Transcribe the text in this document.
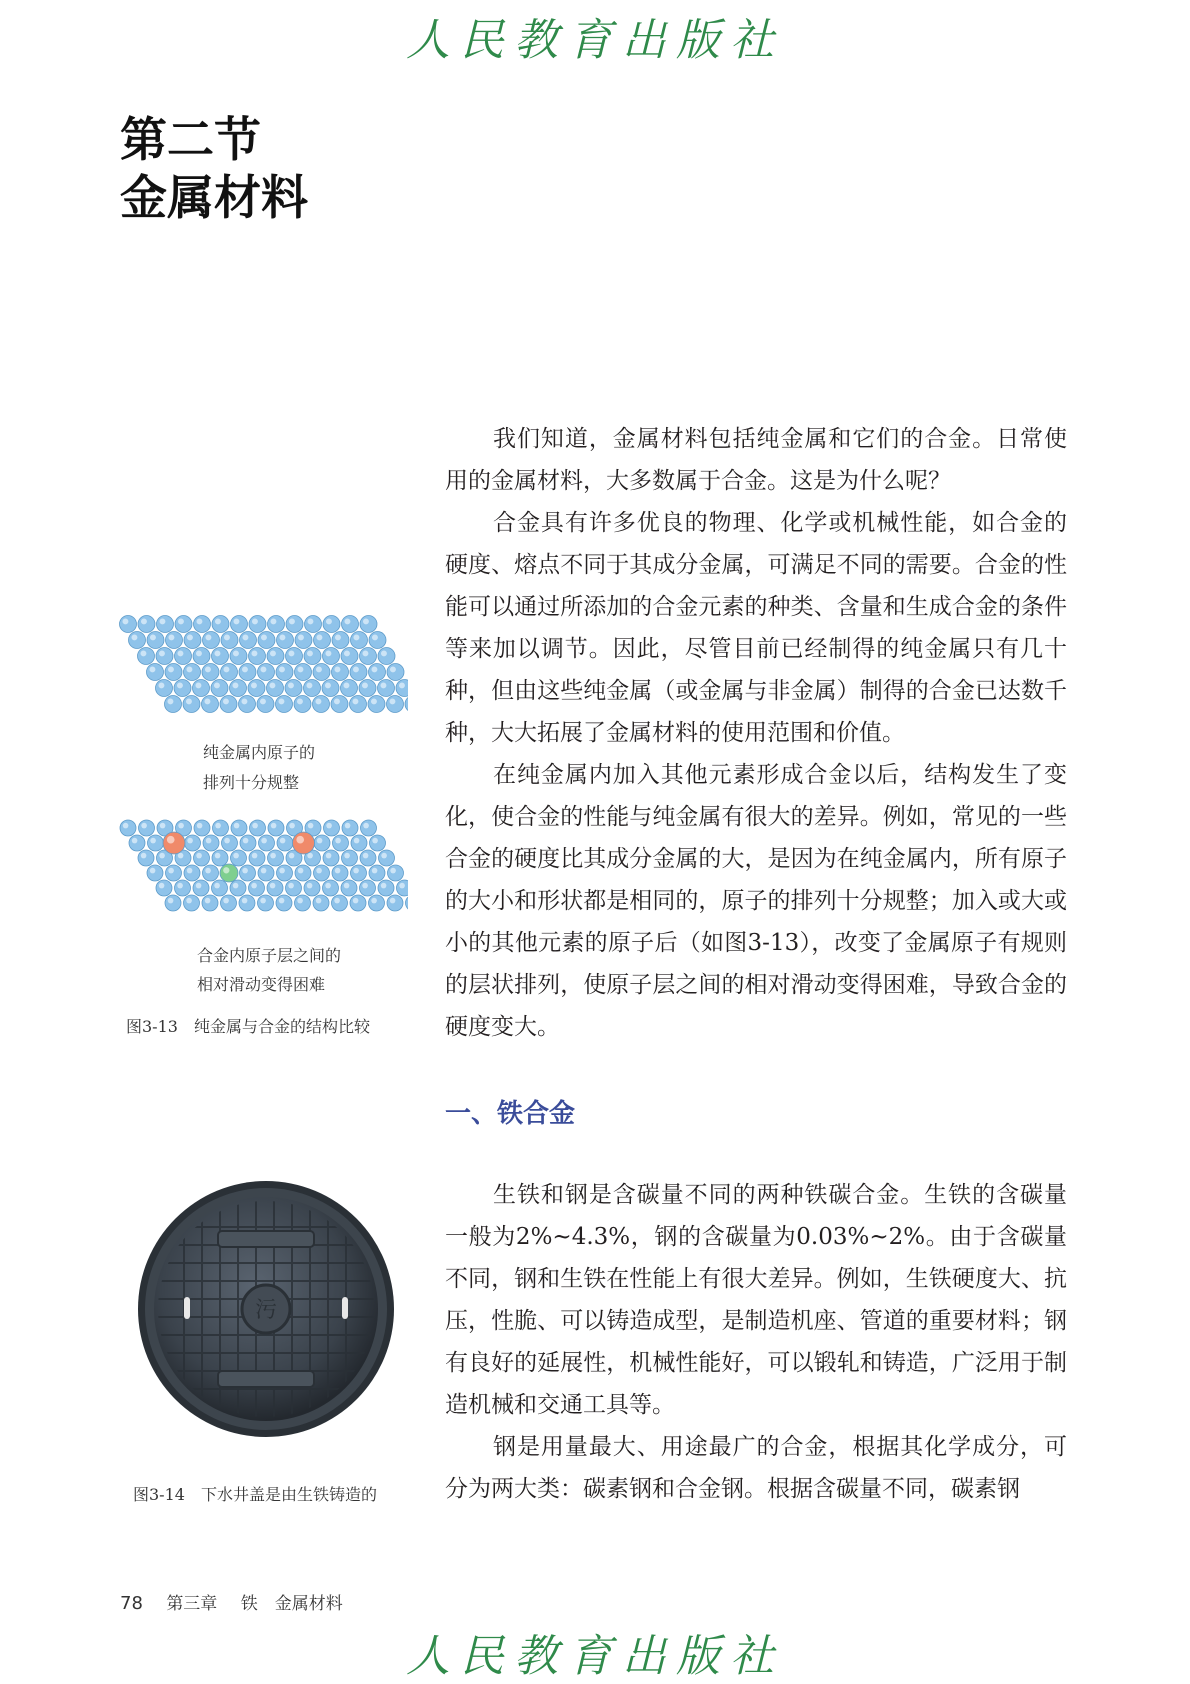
人民教育出版社
第二节
金属材料

我们知道，金属材料包括纯金属和它们的合金。日常使用的金属材料，大多数属于合金。这是为什么呢？

合金具有许多优良的物理、化学或机械性能，如合金的硬度、熔点不同于其成分金属，可满足不同的需要。合金的性能可以通过所添加的合金元素的种类、含量和生成合金的条件等来加以调节。因此，尽管目前已经制得的纯金属只有几十种，但由这些纯金属（或金属与非金属）制得的合金已达数千种，大大拓展了金属材料的使用范围和价值。

在纯金属内加入其他元素形成合金以后，结构发生了变化，使合金的性能与纯金属有很大的差异。例如，常见的一些合金的硬度比其成分金属的大，是因为在纯金属内，所有原子的大小和形状都是相同的，原子的排列十分规整；加入或大或小的其他元素的原子后（如图3-13），改变了金属原子有规则的层状排列，使原子层之间的相对滑动变得困难，导致合金的硬度变大。

纯金属内原子的
排列十分规整
合金内原子层之间的
相对滑动变得困难
图3-13　纯金属与合金的结构比较
一、铁合金

生铁和钢是含碳量不同的两种铁碳合金。生铁的含碳量一般为2%~4.3%，钢的含碳量为0.03%~2%。由于含碳量不同，钢和生铁在性能上有很大差异。例如，生铁硬度大、抗压，性脆、可以铸造成型，是制造机座、管道的重要材料；钢有良好的延展性，机械性能好，可以锻轧和铸造，广泛用于制造机械和交通工具等。

钢是用量最大、用途最广的合金，根据其化学成分，可分为两大类：碳素钢和合金钢。根据含碳量不同，碳素钢

污
图3-14　下水井盖是由生铁铸造的
78 第三章 铁　金属材料
人民教育出版社
